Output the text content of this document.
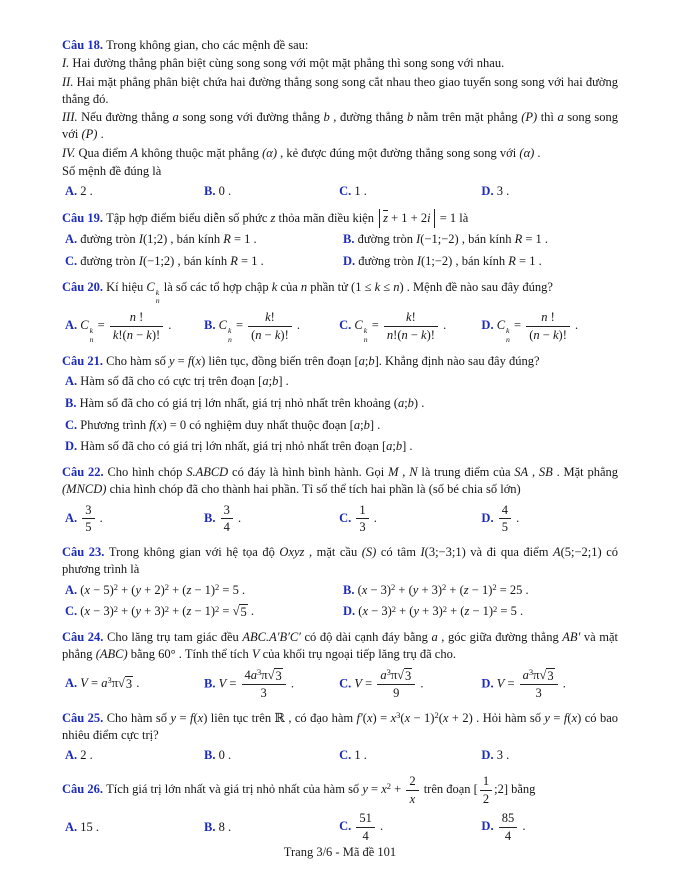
Câu 18. Trong không gian, cho các mệnh đề sau:

I. Hai đường thẳng phân biệt cùng song song với một mặt phẳng thì song song với nhau.

II. Hai mặt phẳng phân biệt chứa hai đường thẳng song song cắt nhau theo giao tuyến song song với hai đường thẳng đó.

III. Nếu đường thẳng a song song với đường thẳng b , đường thẳng b nằm trên mặt phẳng (P) thì a song song với (P) .

IV. Qua điểm A không thuộc mặt phẳng (α) , kẻ được đúng một đường thẳng song song với (α) .

Số mệnh đề đúng là

A. 2 .	B. 0 .	C. 1 .	D. 3 .

Câu 19. Tập hợp điểm biểu diễn số phức z thỏa mãn điều kiện $\overline{z} + 1 + 2i = 1$ là

A. đường tròn I(1;2) , bán kính R = 1 .	B. đường tròn I(−1;−2) , bán kính R = 1 .
C. đường tròn I(−1;2) , bán kính R = 1 .	D. đường tròn I(1;−2) , bán kính R = 1 .

Câu 20. Kí hiệu C k
n
là số các tổ hợp chập k của n phần tử (1 ≤ k ≤ n) . Mệnh đề nào sau đây đúng?

A. C k
n
= $\frac{n !}{k!(n - k)!}$ .	B. C k
n
= $\frac{k!}{(n - k)!}$ .	C. C k
n
= $\frac{k!}{n!(n - k)!}$ .	D. C k
n
= $\frac{n !}{(n - k)!}$ .

Câu 21. Cho hàm số y = f(x) liên tục, đồng biến trên đoạn [a;b]. Khẳng định nào sau đây đúng?

A. Hàm số đã cho có cực trị trên đoạn [a;b] .
B. Hàm số đã cho có giá trị lớn nhất, giá trị nhỏ nhất trên khoảng (a;b) .
C. Phương trình f(x) = 0 có nghiệm duy nhất thuộc đoạn [a;b] .
D. Hàm số đã cho có giá trị lớn nhất, giá trị nhỏ nhất trên đoạn [a;b] .

Câu 22. Cho hình chóp S.ABCD có đáy là hình bình hành. Gọi M , N là trung điểm của SA , SB . Mặt phẳng (MNCD) chia hình chóp đã cho thành hai phần. Tỉ số thể tích hai phần là (số bé chia số lớn)

A. $\frac{3}{5}$ .	B. $\frac{3}{4}$ .	C. $\frac{1}{3}$ .	D. $\frac{4}{5}$ .

Câu 23. Trong không gian với hệ tọa độ Oxyz , mặt cầu (S) có tâm I(3;−3;1) và đi qua điểm A(5;−2;1) có phương trình là

A. $(x - 5)^2 + (y + 2)^2 + (z - 1)^2 = 5$ .	B. $(x - 3)^2 + (y + 3)^2 + (z - 1)^2 = 25$ .
C. $(x - 3)^2 + (y + 3)^2 + (z - 1)^2$ = √ 5 .	D. $(x - 3)^2 + (y + 3)^2 + (z - 1)^2 = 5$ .

Câu 24. Cho lăng trụ tam giác đều ABC.A′B′C′ có độ dài cạnh đáy bằng a , góc giữa đường thẳng AB′ và mặt phẳng (ABC) bằng 60° . Tính thể tích V của khối trụ ngoại tiếp lăng trụ đã cho.

A. $V = a^3\pi$ √ 3 .	B. $V = \frac{4a^3\pi √ 3}{3}$ .	C. $V = \frac{a^3\pi √ 3}{9}$ .	D. $V = \frac{a^3\pi √ 3}{3}$ .

Câu 25. Cho hàm số y = f(x) liên tục trên ℝ , có đạo hàm $f'(x) = x^3(x - 1)^2(x + 2)$ . Hỏi hàm số y = f(x) có bao nhiêu điểm cực trị?

A. 2 .	B. 0 .	C. 1 .	D. 3 .

Câu 26. Tích giá trị lớn nhất và giá trị nhỏ nhất của hàm số $y = x^2 + \frac{2}{x}$ trên đoạn [ $\frac{1}{2}$ ;2] bằng

A. 15 .	B. 8 .	C. $\frac{51}{4}$ .	D. $\frac{85}{4}$ .
Trang 3/6 - Mã đề 101
